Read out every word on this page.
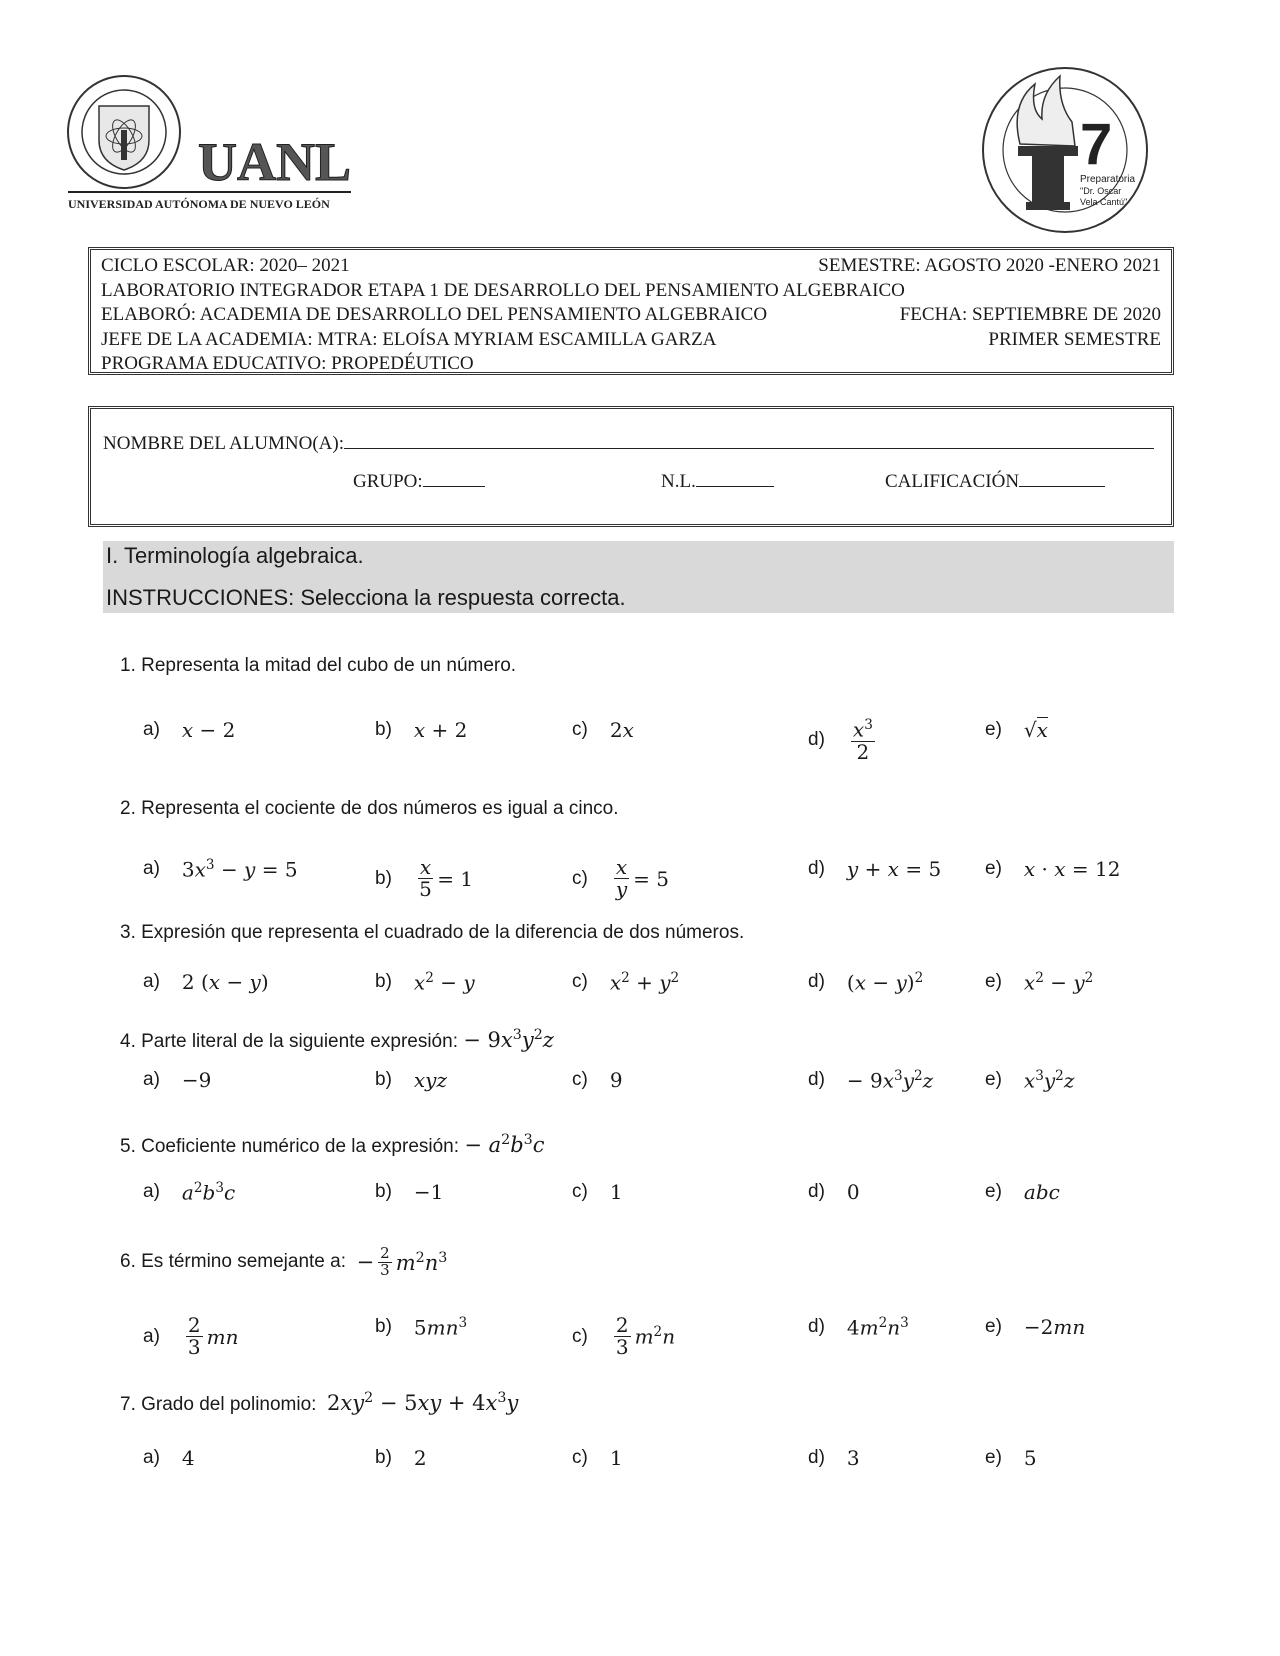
UANL
UNIVERSIDAD AUTÓNOMA DE NUEVO LEÓN
7
Preparatoria
"Dr. Oscar
Vela Cantú"
CICLO ESCOLAR: 2020– 2021	SEMESTRE: AGOSTO 2020 -ENERO 2021
LABORATORIO INTEGRADOR ETAPA 1 DE DESARROLLO DEL PENSAMIENTO ALGEBRAICO
ELABORÓ: ACADEMIA DE DESARROLLO DEL PENSAMIENTO ALGEBRAICO	FECHA: SEPTIEMBRE DE 2020
JEFE DE LA ACADEMIA: MTRA: ELOÍSA MYRIAM ESCAMILLA GARZA	PRIMER SEMESTRE
PROGRAMA EDUCATIVO: PROPEDÉUTICO
NOMBRE DEL ALUMNO(A):
GRUPO:	N.L.	CALIFICACIÓN
I. Terminología algebraica.
INSTRUCCIONES: Selecciona la respuesta correcta.
1. Representa la mitad del cubo de un número.
a) x − 2	b) x + 2	c) 2x	$d) \frac{x^3}{2}$	e) √x
2. Representa el cociente de dos números es igual a cinco.
a) $3x^3 - y = 5$	$b) \frac{x}{5} = 1$	$c) \frac{x}{y} = 5$	d) y + x = 5 e) x · x = 12
3. Expresión que representa el cuadrado de la diferencia de dos números.
a) 2 (x − y)	b) $x^2 - y$	c) $x^2 + y^2$	d) $(x - y)^2$	e) $x^2 - y^2$
4. Parte literal de la siguiente expresión: − $9x^3y^2z$
a) −9	b) xyz	c) 9	$d) - 9x^3y^2z$	e) $x^3y^2z$
5. Coeficiente numérico de la expresión: − $a^2b^3c$
a) $a^2b^3c$	b) −1	c) 1	d) 0	e) abc
6. Es término semejante a:
− $\frac{2}{3} m^2n^3$
$a) \frac{2}{3}$ mn	b) $5mn^3$
$c) \frac{2}{3} m^2n$	d) $4m^2n^3$	e) −2mn
7. Grado del polinomio: $2xy^2 - 5xy + 4x^3y$
a) 4	b) 2	c) 1	d) 3	e) 5
